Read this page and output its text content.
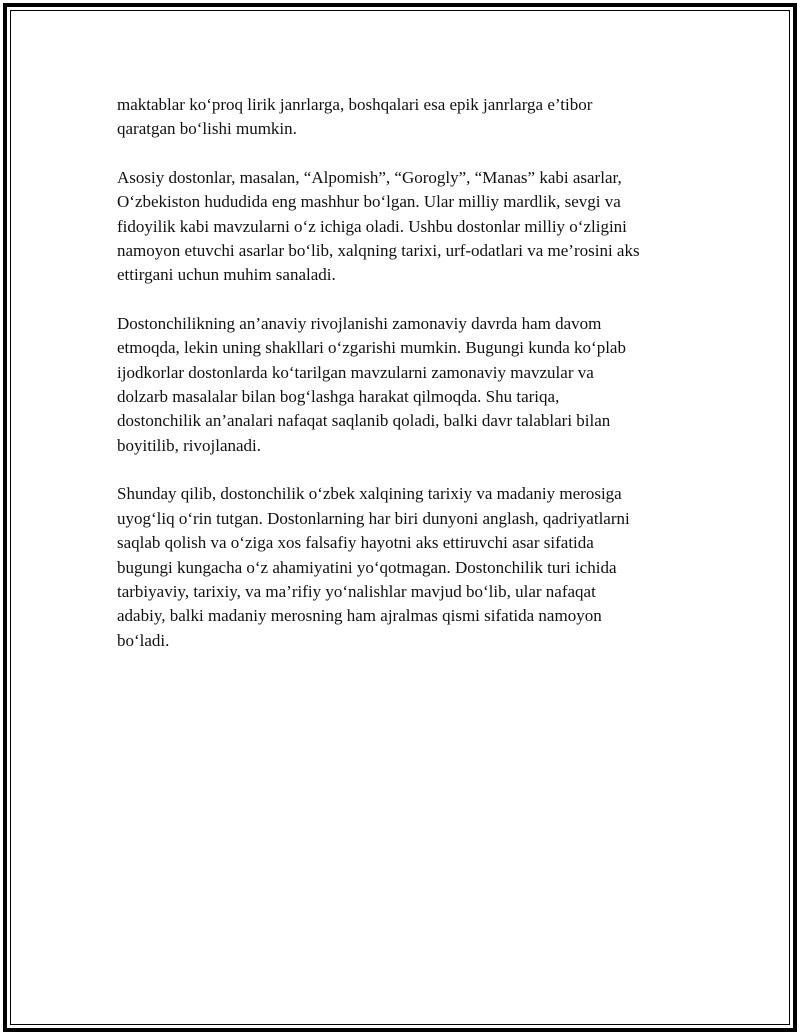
maktablar ko‘proq lirik janrlarga, boshqalari esa epik janrlarga e’tibor
qaratgan bo‘lishi mumkin.

Asosiy dostonlar, masalan, “Alpomish”, “Gorogly”, “Manas” kabi asarlar,
O‘zbekiston hududida eng mashhur bo‘lgan. Ular milliy mardlik, sevgi va
fidoyilik kabi mavzularni o‘z ichiga oladi. Ushbu dostonlar milliy o‘zligini
namoyon etuvchi asarlar bo‘lib, xalqning tarixi, urf-odatlari va me’rosini aks
ettirgani uchun muhim sanaladi.

Dostonchilikning an’anaviy rivojlanishi zamonaviy davrda ham davom
etmoqda, lekin uning shakllari o‘zgarishi mumkin. Bugungi kunda ko‘plab
ijodkorlar dostonlarda ko‘tarilgan mavzularni zamonaviy mavzular va
dolzarb masalalar bilan bog‘lashga harakat qilmoqda. Shu tariqa,
dostonchilik an’analari nafaqat saqlanib qoladi, balki davr talablari bilan
boyitilib, rivojlanadi.

Shunday qilib, dostonchilik o‘zbek xalqining tarixiy va madaniy merosiga
uyog‘liq o‘rin tutgan. Dostonlarning har biri dunyoni anglash, qadriyatlarni
saqlab qolish va o‘ziga xos falsafiy hayotni aks ettiruvchi asar sifatida
bugungi kungacha o‘z ahamiyatini yo‘qotmagan. Dostonchilik turi ichida
tarbiyaviy, tarixiy, va ma’rifiy yo‘nalishlar mavjud bo‘lib, ular nafaqat
adabiy, balki madaniy merosning ham ajralmas qismi sifatida namoyon
bo‘ladi.
